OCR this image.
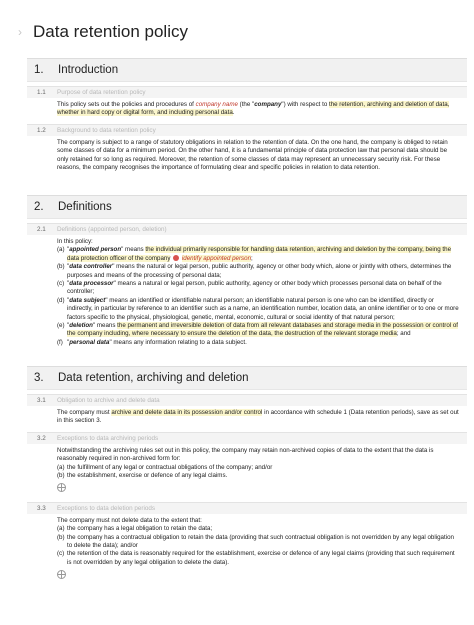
› Data retention policy
1.	Introduction
1.1	Purpose of data retention policy
This policy sets out the policies and procedures of company name (the "company") with respect to the retention, archiving and deletion of data, whether in hard copy or digital form, and including personal data.
1.2	Background to data retention policy
The company is subject to a range of statutory obligations in relation to the retention of data. On the one hand, the company is obliged to retain some classes of data for a minimum period. On the other hand, it is a fundamental principle of data protection law that personal data should be only retained for so long as required. Moreover, the retention of some classes of data may represent an unnecessary security risk. For these reasons, the company recognises the importance of formulating clear and specific policies in relation to data retention.
2.	Definitions
2.1	Definitions (appointed person, deletion)
In this policy:
(a) "appointed person" means the individual primarily responsible for handling data retention, archiving and deletion by the company, being the data protection officer of the company identify appointed person;
(b) "data controller" means the natural or legal person, public authority, agency or other body which, alone or jointly with others, determines the purposes and means of the processing of personal data;
(c) "data processor" means a natural or legal person, public authority, agency or other body which processes personal data on behalf of the controller;
(d) "data subject" means an identified or identifiable natural person; an identifiable natural person is one who can be identified, directly or indirectly, in particular by reference to an identifier such as a name, an identification number, location data, an online identifier or to one or more factors specific to the physical, physiological, genetic, mental, economic, cultural or social identity of that natural person;
(e) "deletion" means the permanent and irreversible deletion of data from all relevant databases and storage media in the possession or control of the company including, where necessary to ensure the deletion of the data, the destruction of the relevant storage media; and
(f) "personal data" means any information relating to a data subject.
3.	Data retention, archiving and deletion
3.1	Obligation to archive and delete data
The company must archive and delete data in its possession and/or control in accordance with schedule 1 (Data retention periods), save as set out in this section 3.
3.2	Exceptions to data archiving periods
Notwithstanding the archiving rules set out in this policy, the company may retain non-archived copies of data to the extent that the data is reasonably required in non-archived form for:
(a) the fulfillment of any legal or contractual obligations of the company; and/or
(b) the establishment, exercise or defence of any legal claims.
3.3	Exceptions to data deletion periods
The company must not delete data to the extent that:
(a) the company has a legal obligation to retain the data;
(b) the company has a contractual obligation to retain the data (providing that such contractual obligation is not overridden by any legal obligation to delete the data); and/or
(c) the retention of the data is reasonably required for the establishment, exercise or defence of any legal claims (providing that such requirement is not overridden by any legal obligation to delete the data).
